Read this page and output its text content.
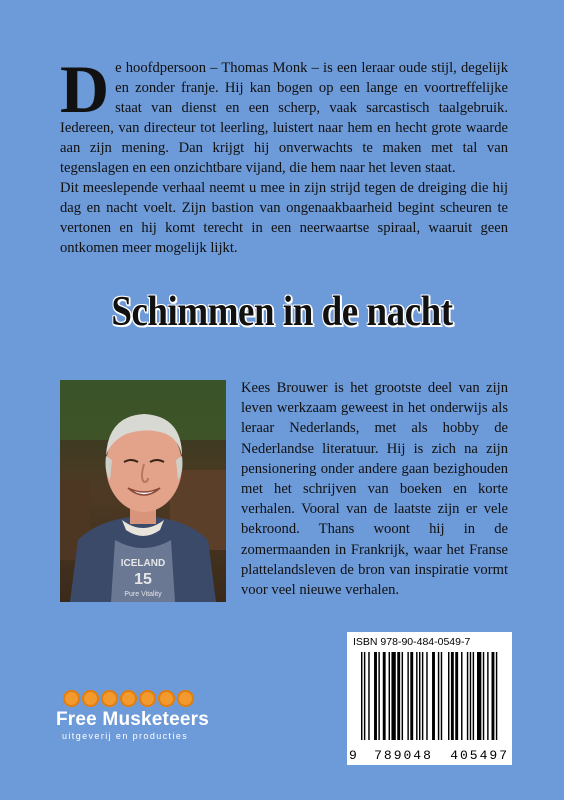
D e hoofdpersoon – Thomas Monk – is een leraar oude stijl, degelijk en zonder franje. Hij kan bogen op een lange en voortreffelijke staat van dienst en een scherp, vaak sarcastisch taalgebruik. Iedereen, van directeur tot leerling, luistert naar hem en hecht grote waarde aan zijn mening. Dan krijgt hij onverwachts te maken met tal van tegenslagen en een onzichtbare vijand, die hem naar het leven staat.

Dit meeslepende verhaal neemt u mee in zijn strijd tegen de dreiging die hij dag en nacht voelt. Zijn bastion van ongenaakbaarheid begint scheuren te vertonen en hij komt terecht in een neerwaartse spiraal, waaruit geen ontkomen meer mogelijk lijkt.

Schimmen in de nacht
ICELAND
15
Pure Vitality
Kees Brouwer is het grootste deel van zijn leven werkzaam geweest in het onderwijs als leraar Nederlands, met als hobby de Nederlandse literatuur. Hij is zich na zijn pensionering onder andere gaan bezighouden met het schrijven van boeken en korte verhalen. Vooral van de laatste zijn er vele bekroond. Thans woont hij in de zomermaanden in Frankrijk, waar het Franse plattelandsleven de bron van inspiratie vormt voor veel nieuwe verhalen.
ISBN 978-90-484-0549-7
9 789048 405497
Free Musketeers
uitgeverij en producties
